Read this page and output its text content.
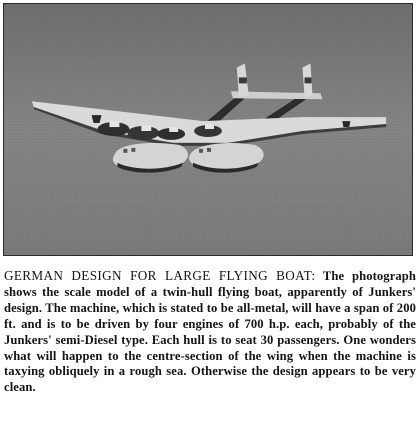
GERMAN DESIGN FOR LARGE FLYING BOAT: The photograph shows the scale model of a twin-hull flying boat, apparently of Junkers' design. The machine, which is stated to be all-metal, will have a span of 200 ft. and is to be driven by four engines of 700 h.p. each, probably of the Junkers' semi-Diesel type. Each hull is to seat 30 passengers. One wonders what will happen to the centre-section of the wing when the machine is taxying obliquely in a rough sea. Otherwise the design appears to be very clean.
